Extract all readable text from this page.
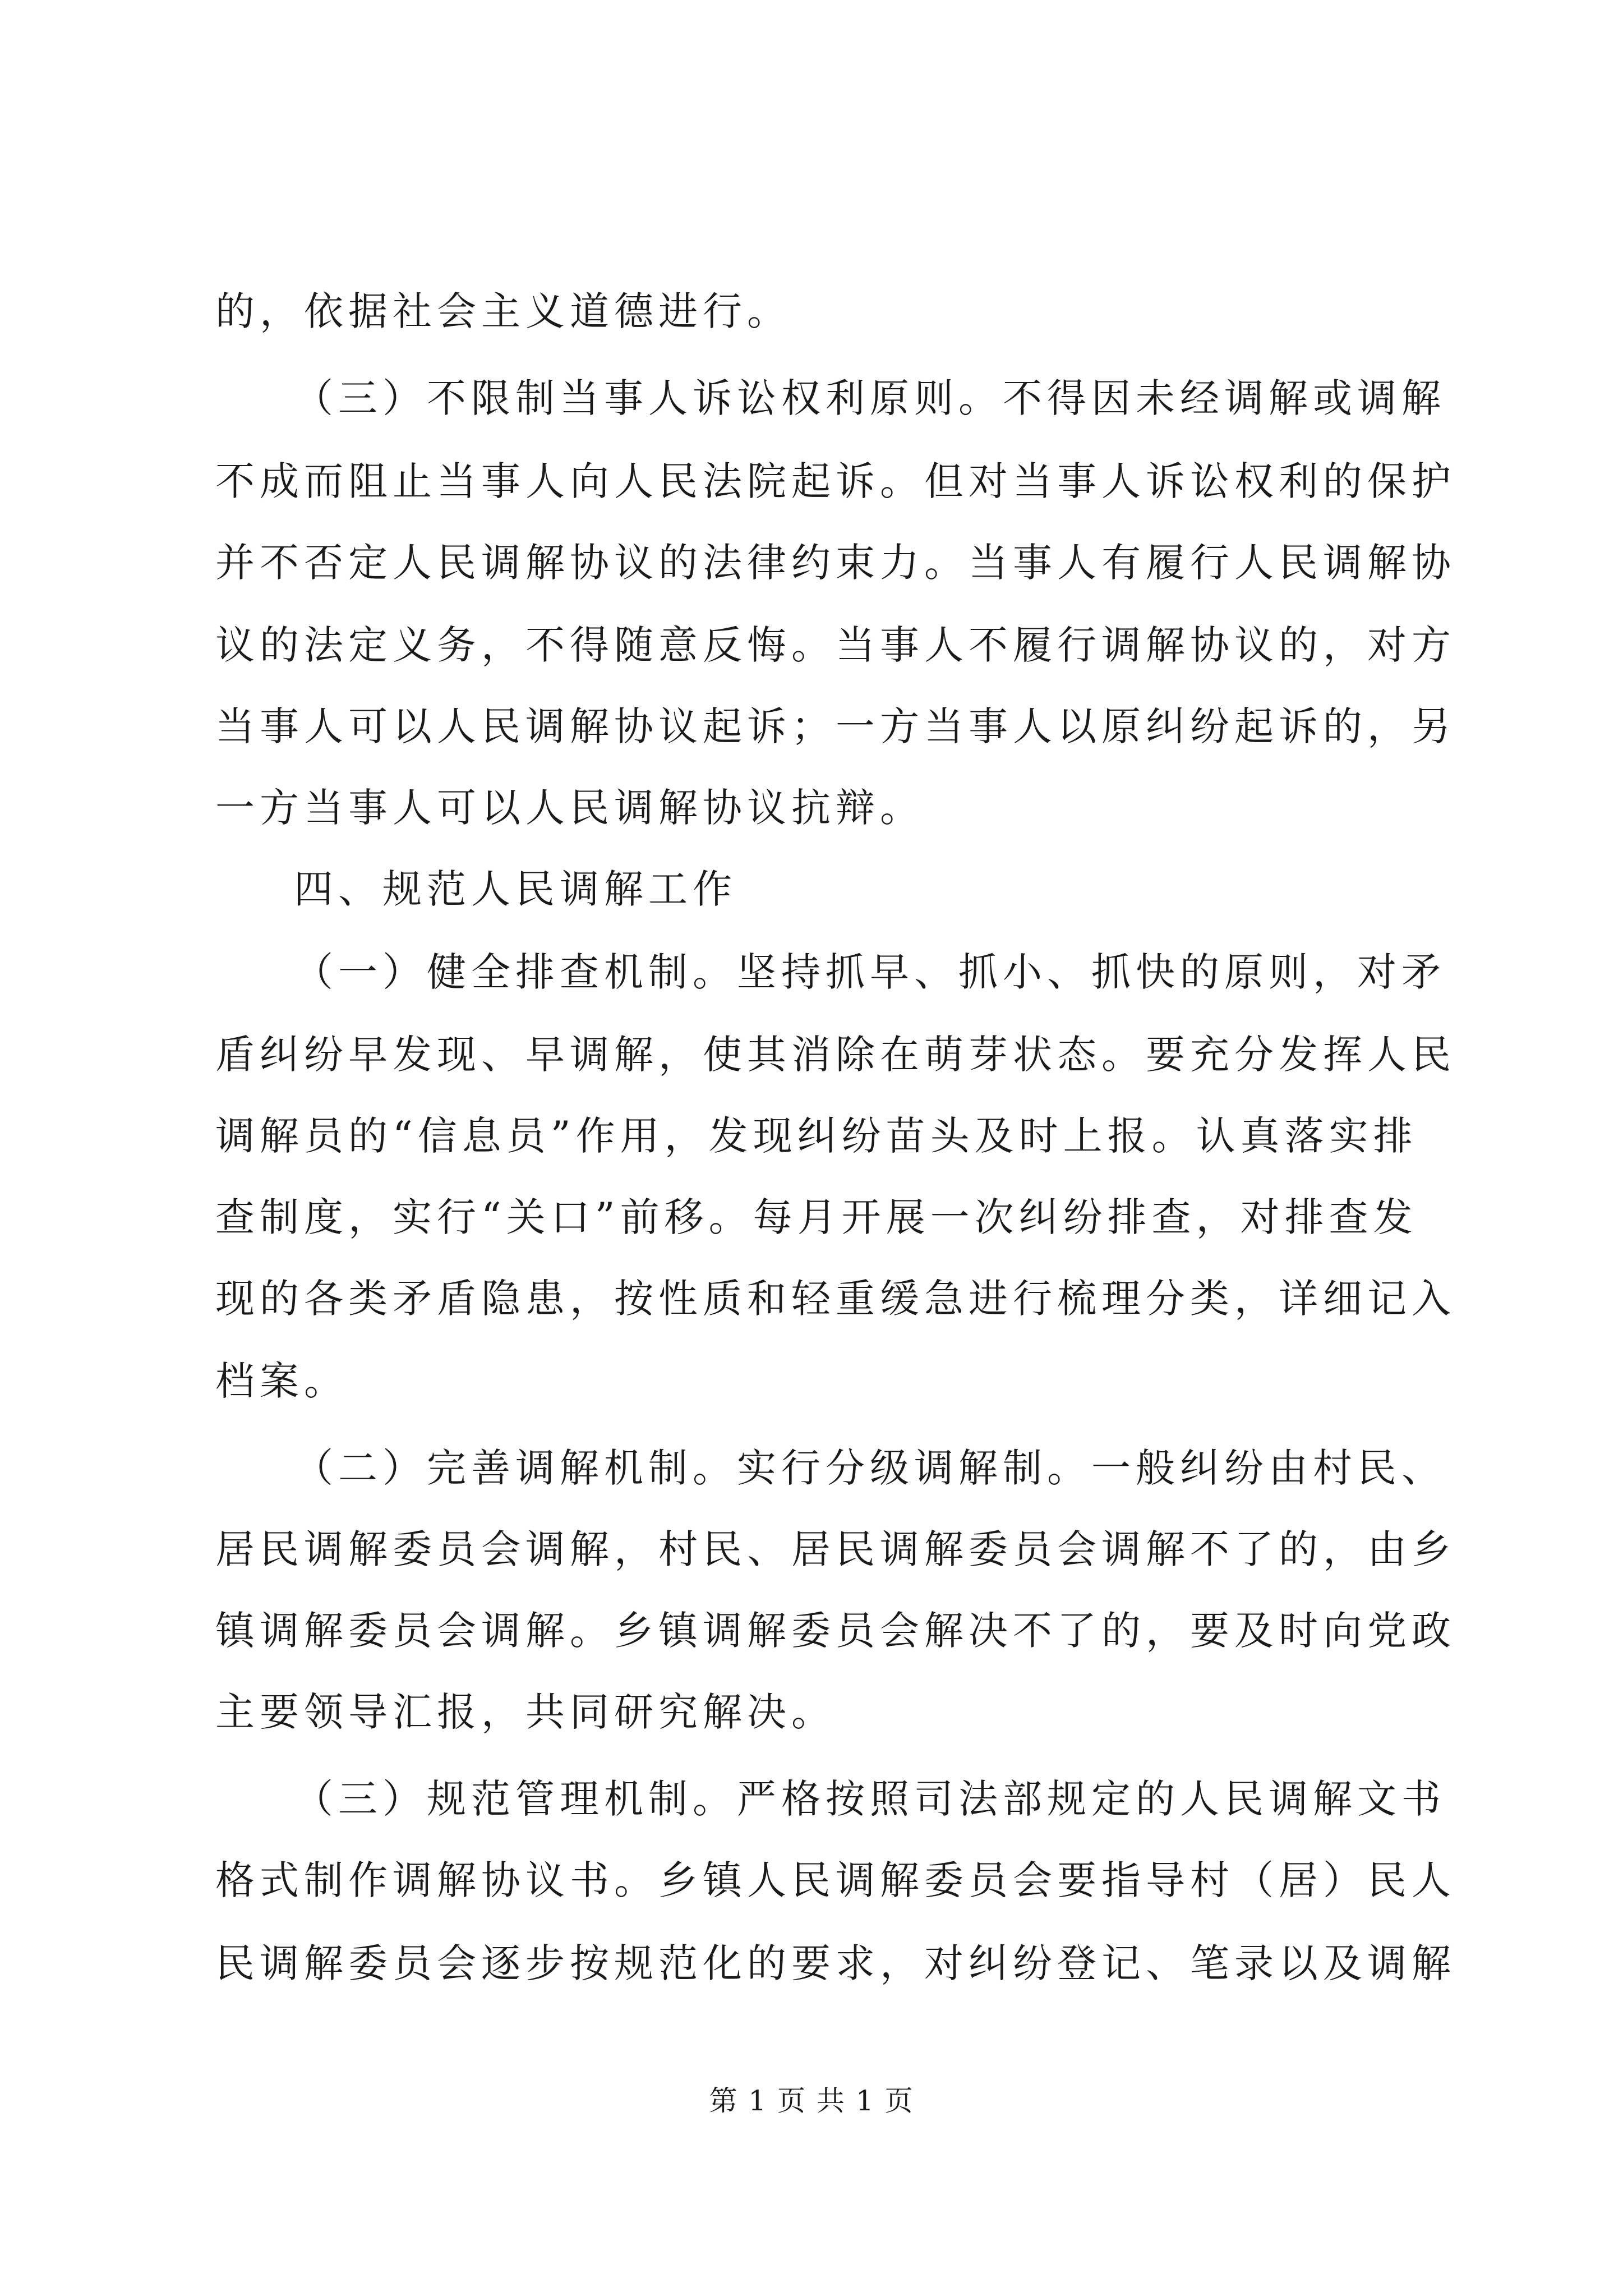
的，依据社会主义道德进行。
（三）不限制当事人诉讼权利原则。不得因未经调解或调解
不成而阻止当事人向人民法院起诉。但对当事人诉讼权利的保护
并不否定人民调解协议的法律约束力。当事人有履行人民调解协
议的法定义务，不得随意反悔。当事人不履行调解协议的，对方
当事人可以人民调解协议起诉；一方当事人以原纠纷起诉的，另
一方当事人可以人民调解协议抗辩。
四、规范人民调解工作
（一）健全排查机制。坚持抓早、抓小、抓快的原则，对矛
盾纠纷早发现、早调解，使其消除在萌芽状态。要充分发挥人民
调解员的“信息员”作用，发现纠纷苗头及时上报。认真落实排
查制度，实行“关口”前移。每月开展一次纠纷排查，对排查发
现的各类矛盾隐患，按性质和轻重缓急进行梳理分类，详细记入
档案。
（二）完善调解机制。实行分级调解制。一般纠纷由村民、
居民调解委员会调解，村民、居民调解委员会调解不了的，由乡
镇调解委员会调解。乡镇调解委员会解决不了的，要及时向党政
主要领导汇报，共同研究解决。
（三）规范管理机制。严格按照司法部规定的人民调解文书
格式制作调解协议书。乡镇人民调解委员会要指导村（居）民人
民调解委员会逐步按规范化的要求，对纠纷登记、笔录以及调解
第 1 页 共 1 页
